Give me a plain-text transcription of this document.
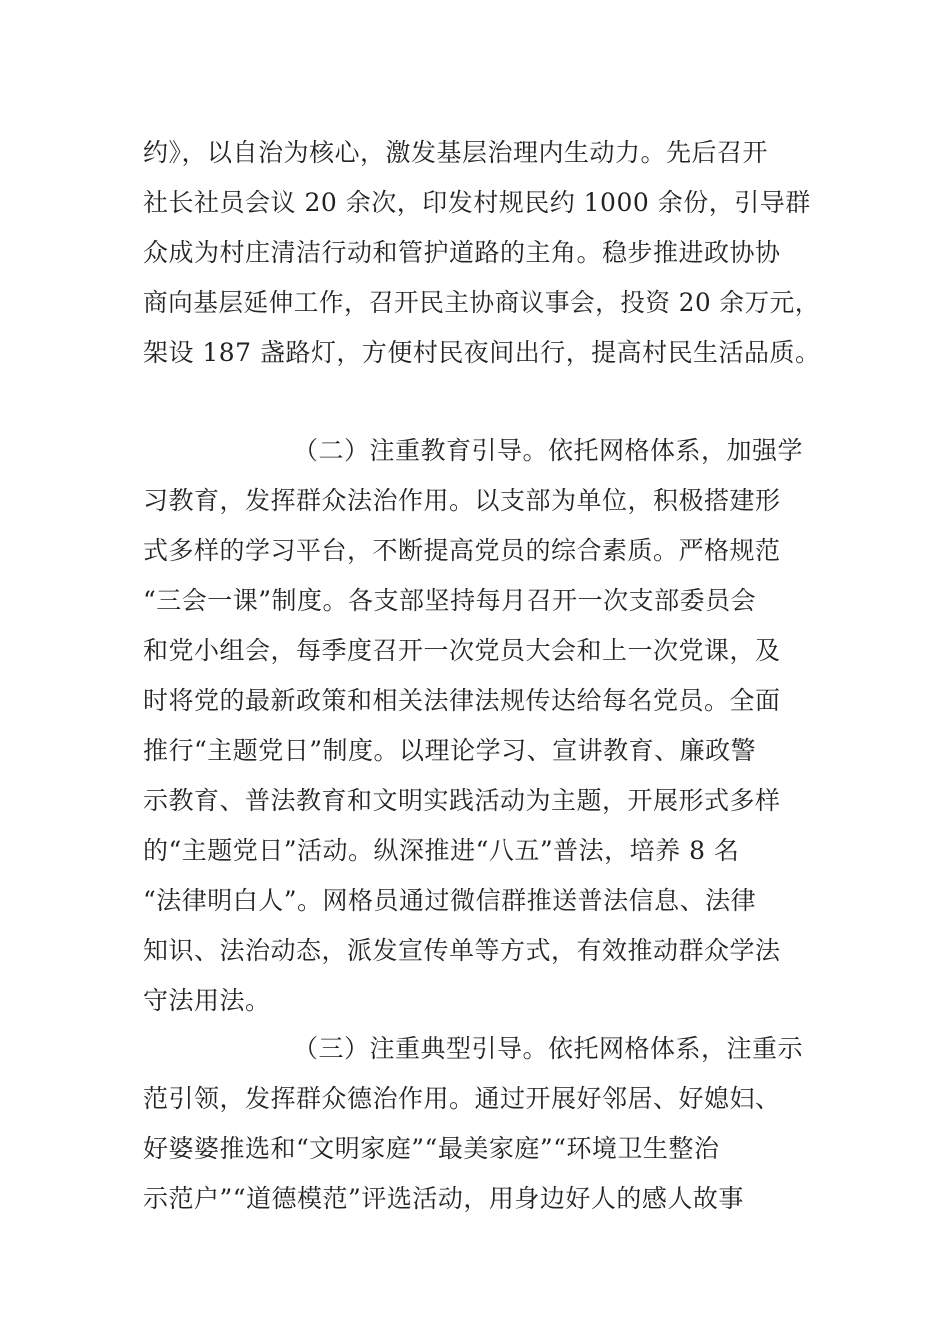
约》，以自治为核心，激发基层治理内生动力。先后召开
社长社员会议 20 余次，印发村规民约 1000 余份，引导群
众成为村庄清洁行动和管护道路的主角。稳步推进政协协
商向基层延伸工作，召开民主协商议事会，投资 20 余万元，
架设 187 盏路灯，方便村民夜间出行，提高村民生活品质。
（二）注重教育引导。依托网格体系，加强学
习教育，发挥群众法治作用。以支部为单位，积极搭建形
式多样的学习平台，不断提高党员的综合素质。严格规范
“三会一课”制度。各支部坚持每月召开一次支部委员会
和党小组会，每季度召开一次党员大会和上一次党课，及
时将党的最新政策和相关法律法规传达给每名党员。全面
推行“主题党日”制度。以理论学习、宣讲教育、廉政警
示教育、普法教育和文明实践活动为主题，开展形式多样
的“主题党日”活动。纵深推进“八五”普法，培养 8 名
“法律明白人”。网格员通过微信群推送普法信息、法律
知识、法治动态，派发宣传单等方式，有效推动群众学法
守法用法。
（三）注重典型引导。依托网格体系，注重示
范引领，发挥群众德治作用。通过开展好邻居、好媳妇、
好婆婆推选和“文明家庭”“最美家庭”“环境卫生整治
示范户”“道德模范”评选活动，用身边好人的感人故事
